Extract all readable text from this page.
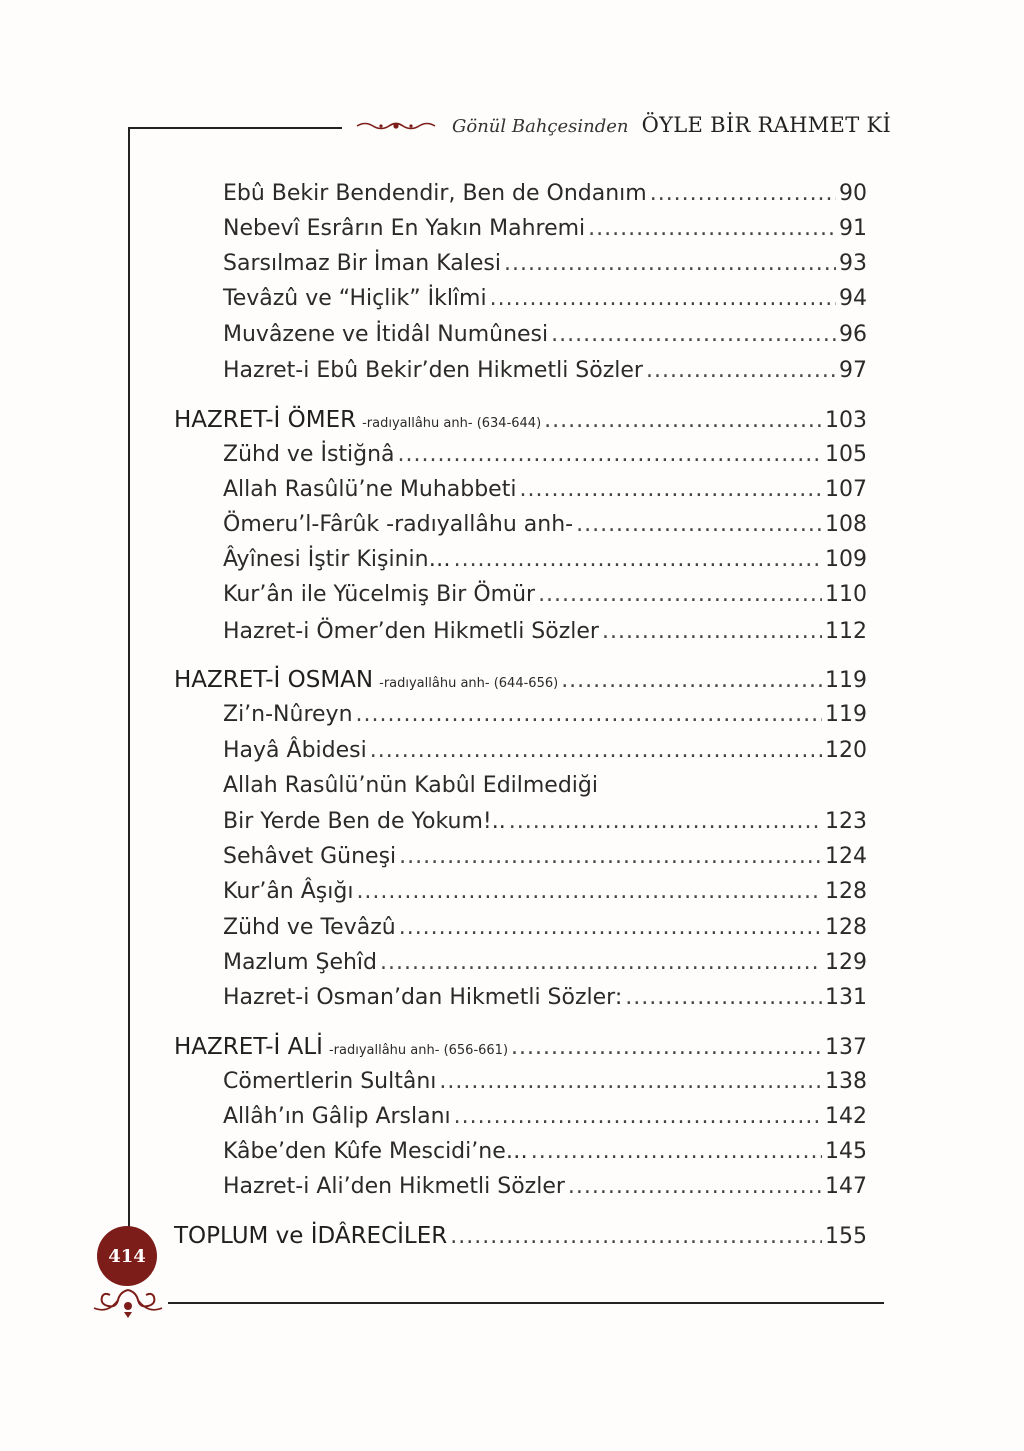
Gönül Bahçesinden ÖYLE BİR RAHMET Kİ
Ebû Bekir Bendendir, Ben de Ondanım .....	90
Nebevî Esrârın En Yakın Mahremi .....	91
Sarsılmaz Bir İman Kalesi .....	93
Tevâzû ve “Hiçlik” İklîmi .....	94
Muvâzene ve İtidâl Numûnesi .....	96
Hazret-i Ebû Bekir’den Hikmetli Sözler .....	97
HAZRET-İ ÖMER -radıyallâhu anh- (634-644) .....	103
Zühd ve İstiğnâ .....	105
Allah Rasûlü’ne Muhabbeti .....	107
Ömeru’l-Fârûk -radıyallâhu anh- .....	108
Âyînesi İştir Kişinin… .....	109
Kur’ân ile Yücelmiş Bir Ömür .....	110
Hazret-i Ömer’den Hikmetli Sözler .....	112
HAZRET-İ OSMAN -radıyallâhu anh- (644-656) .....	119
Zi’n-Nûreyn .....	119
Hayâ Âbidesi .....	120
Allah Rasûlü’nün Kabûl Edilmediği
Bir Yerde Ben de Yokum!.. .....	123
Sehâvet Güneşi .....	124
Kur’ân Âşığı .....	128
Zühd ve Tevâzû .....	128
Mazlum Şehîd .....	129
Hazret-i Osman’dan Hikmetli Sözler: .....	131
HAZRET-İ ALİ -radıyallâhu anh- (656-661) .....	137
Cömertlerin Sultânı .....	138
Allâh’ın Gâlip Arslanı .....	142
Kâbe’den Kûfe Mescidi’ne… .....	145
Hazret-i Ali’den Hikmetli Sözler .....	147
TOPLUM ve İDÂRECİLER .....	155
414
